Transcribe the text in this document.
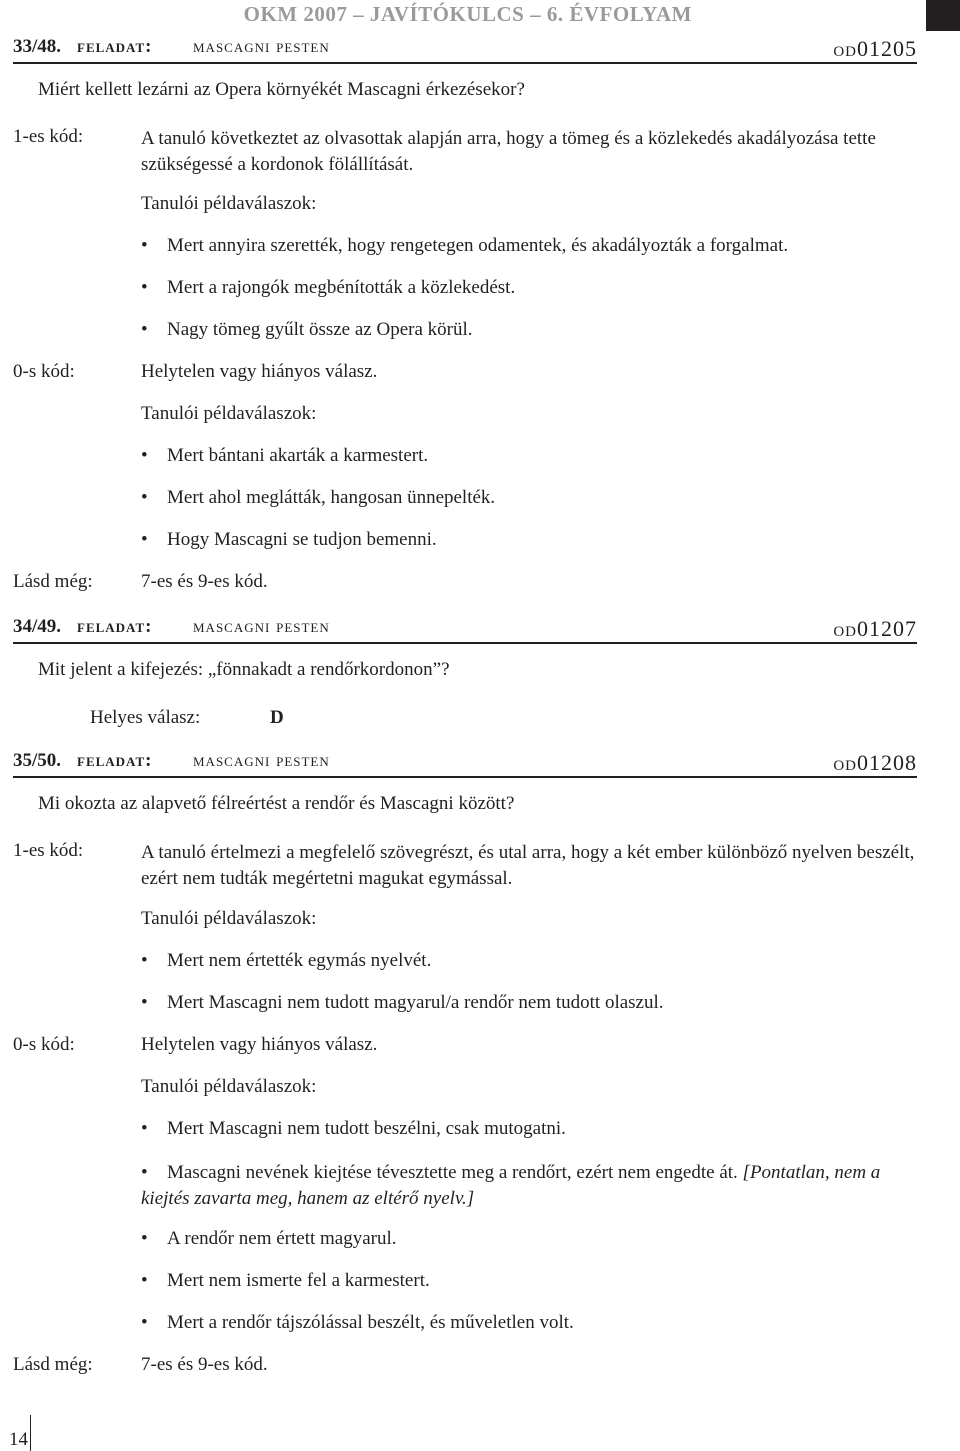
OKM 2007 – JAVÍTÓKULCS – 6. ÉVFOLYAM
33/48. feladat: mascagni pesten	od01205
Miért kellett lezárni az Opera környékét Mascagni érkezésekor?
1-es kód:	A tanuló következtet az olvasottak alapján arra, hogy a tömeg és a közlekedés akadályozása tette szükségessé a kordonok fölállítását.
Tanulói példaválaszok:
• Mert annyira szerették, hogy rengetegen odamentek, és akadályozták a forgalmat.
• Mert a rajongók megbénították a közlekedést.
• Nagy tömeg gyűlt össze az Opera körül.
0-s kód:	Helytelen vagy hiányos válasz.
Tanulói példaválaszok:
• Mert bántani akarták a karmestert.
• Mert ahol meglátták, hangosan ünnepelték.
• Hogy Mascagni se tudjon bemenni.
Lásd még:	7-es és 9-es kód.
34/49. feladat: mascagni pesten	od01207
Mit jelent a kifejezés: „fönnakadt a rendőrkordonon”?
Helyes válasz:	D
35/50. feladat: mascagni pesten	od01208
Mi okozta az alapvető félreértést a rendőr és Mascagni között?
1-es kód:	A tanuló értelmezi a megfelelő szövegrészt, és utal arra, hogy a két ember különböző nyelven beszélt, ezért nem tudták megértetni magukat egymással.
Tanulói példaválaszok:
• Mert nem értették egymás nyelvét.
• Mert Mascagni nem tudott magyarul/a rendőr nem tudott olaszul.
0-s kód:	Helytelen vagy hiányos válasz.
Tanulói példaválaszok:
• Mert Mascagni nem tudott beszélni, csak mutogatni.
• Mascagni nevének kiejtése tévesztette meg a rendőrt, ezért nem engedte át. [Pontatlan, nem a kiejtés zavarta meg, hanem az eltérő nyelv.]
• A rendőr nem értett magyarul.
• Mert nem ismerte fel a karmestert.
• Mert a rendőr tájszólással beszélt, és műveletlen volt.
Lásd még:	7-es és 9-es kód.
14
